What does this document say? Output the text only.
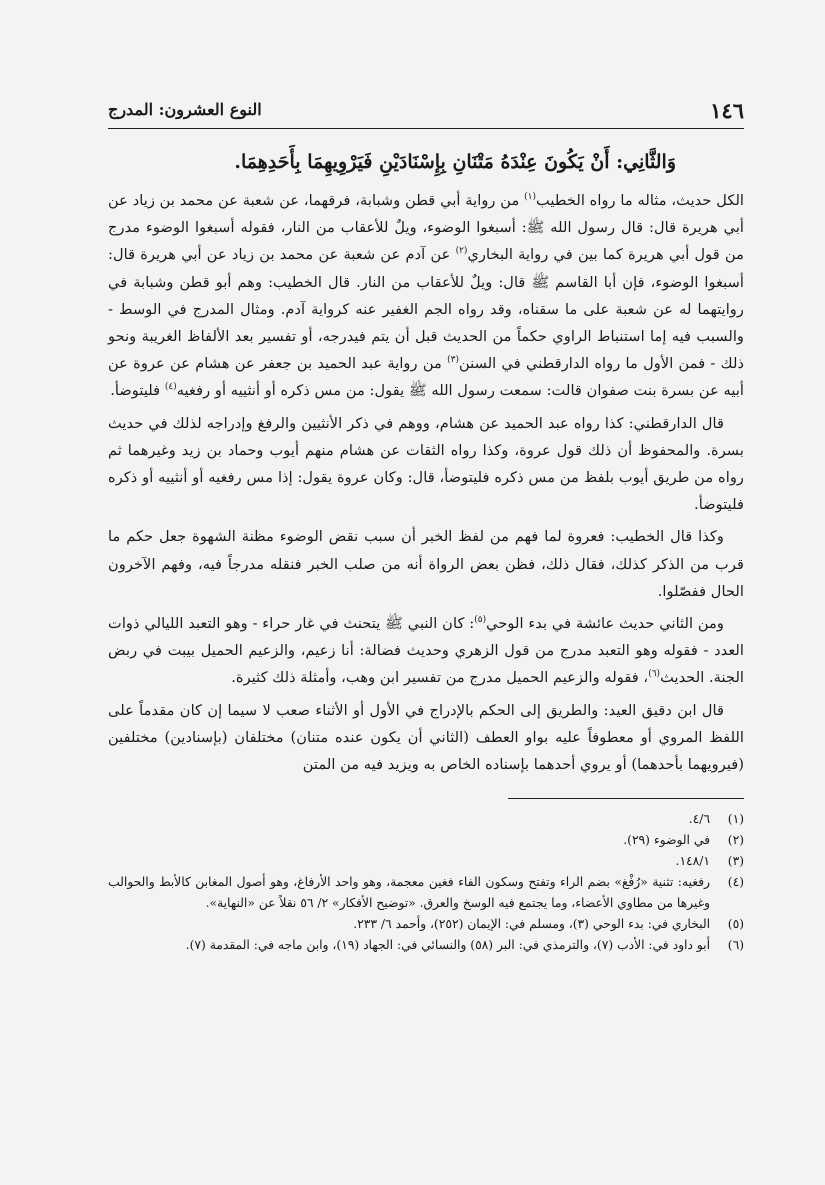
١٤٦
النوع العشرون: المدرج
وَالثَّانِي: أَنْ يَكُونَ عِنْدَهُ مَتْنَانِ بِإِسْنَادَيْنِ فَيَرْوِيهِمَا بِأَحَدِهِمَا.

الكل حديث، مثاله ما رواه الخطيب$^{(١)}$ من رواية أبي قطن وشبابة، فرقهما، عن شعبة عن محمد بن زياد عن أبي هريرة قال: قال رسول الله ﷺ: أسبغوا الوضوء، ويلٌ للأعقاب من النار، فقوله أسبغوا الوضوء مدرج من قول أبي هريرة كما بين في رواية البخاري$^{(٢)}$ عن آدم عن شعبة عن محمد بن زياد عن أبي هريرة قال: أسبغوا الوضوء، فإن أبا القاسم ﷺ قال: ويلٌ للأعقاب من النار. قال الخطيب: وهم أبو قطن وشبابة في روايتهما له عن شعبة على ما سقناه، وقد رواه الجم الغفير عنه كرواية آدم. ومثال المدرج في الوسط - والسبب فيه إما استنباط الراوي حكماً من الحديث قبل أن يتم فيدرجه، أو تفسير بعد الألفاظ الغريبة ونحو ذلك - فمن الأول ما رواه الدارقطني في السنن$^{(٣)}$ من رواية عبد الحميد بن جعفر عن هشام عن عروة عن أبيه عن بسرة بنت صفوان قالت: سمعت رسول الله ﷺ يقول: من مس ذكره أو أنثييه أو رفغيه$^{(٤)}$ فليتوضأ.

قال الدارقطني: كذا رواه عبد الحميد عن هشام، ووهم في ذكر الأنثيين والرفغ وإدراجه لذلك في حديث بسرة. والمحفوظ أن ذلك قول عروة، وكذا رواه الثقات عن هشام منهم أيوب وحماد بن زيد وغيرهما ثم رواه من طريق أيوب بلفظ من مس ذكره فليتوضأ، قال: وكان عروة يقول: إذا مس رفغيه أو أنثييه أو ذكره فليتوضأ.

وكذا قال الخطيب: فعروة لما فهم من لفظ الخبر أن سبب نقض الوضوء مظنة الشهوة جعل حكم ما قرب من الذكر كذلك، فقال ذلك، فظن بعض الرواة أنه من صلب الخبر فنقله مدرجاً فيه، وفهم الآخرون الحال ففصّلوا.

ومن الثاني حديث عائشة في بدء الوحي$^{(٥)}$: كان النبي ﷺ يتحنث في غار حراء - وهو التعبد الليالي ذوات العدد - فقوله وهو التعبد مدرج من قول الزهري وحديث فضالة: أنا زعيم، والزعيم الحميل بيبت في ربض الجنة. الحديث$^{(٦)}$، فقوله والزعيم الحميل مدرج من تفسير ابن وهب، وأمثلة ذلك كثيرة.

قال ابن دقيق العيد: والطريق إلى الحكم بالإدراج في الأول أو الأثناء صعب لا سيما إن كان مقدماً على اللفظ المروي أو معطوفاً عليه بواو العطف (الثاني أن يكون عنده متنان) مختلفان (بإسنادين) مختلفين (فيرويهما بأحدهما) أو يروي أحدهما بإسناده الخاص به ويزيد فيه من المتن

(١)
٤/٦.
(٢)
في الوضوء (٢٩).
(٣)
١٤٨/١.
(٤)
رفغيه: تثنية «رُفْغ» بضم الراء وتفتح وسكون الفاء فغين معجمة، وهو واحد الأرفاغ، وهو أصول المغابن كالأبط والحوالب وغيرها من مطاوي الأعضاء، وما يجتمع فيه الوسخ والعرق. «توضيح الأفكار» ٢/ ٥٦ نقلاً عن «النهاية».
(٥)
البخاري في: بدء الوحي (٣)، ومسلم في: الإيمان (٢٥٢)، وأحمد ٦/ ٢٣٣.
(٦)
أبو داود في: الأدب (٧)، والترمذي في: البر (٥٨) والنسائي في: الجهاد (١٩)، وابن ماجه في: المقدمة (٧).
